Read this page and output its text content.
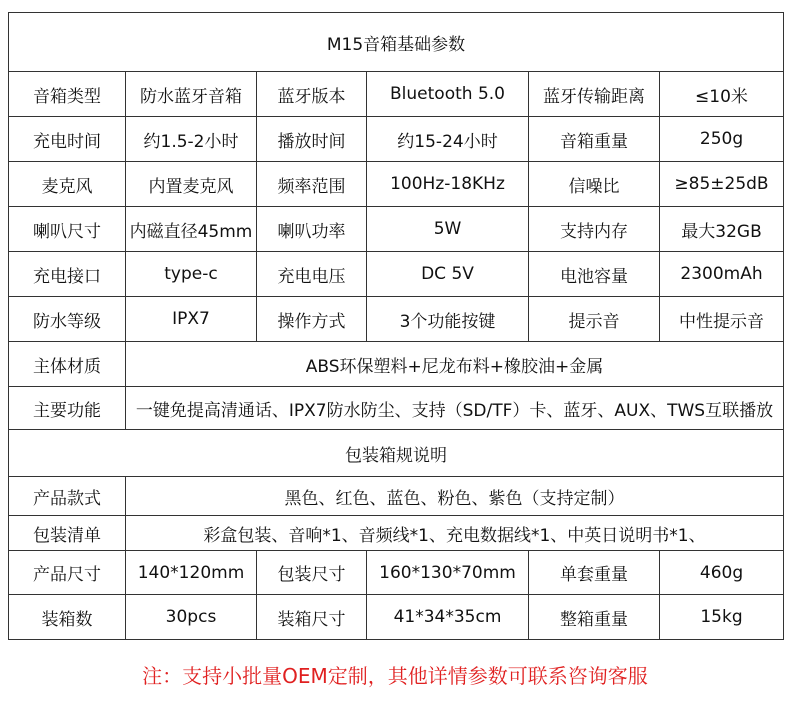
M15音箱基础参数					
音箱类型	防水蓝牙音箱	蓝牙版本	Bluetooth 5.0	蓝牙传输距离	≤10米
充电时间	约1.5-2小时	播放时间	约15-24小时	音箱重量	250g
麦克风	内置麦克风	频率范围	100Hz-18KHz	信噪比	≥85±25dB
喇叭尺寸	内磁直径45mm	喇叭功率	5W	支持内存	最大32GB
充电接口	type-c	充电电压	DC 5V	电池容量	2300mAh
防水等级	IPX7	操作方式	3个功能按键	提示音	中性提示音
主体材质	ABS环保塑料+尼龙布料+橡胶油+金属				
主要功能	一键免提高清通话、IPX7防水防尘、支持（SD/TF）卡、蓝牙、AUX、TWS互联播放				
包装箱规说明					
产品款式	黑色、红色、蓝色、粉色、紫色（支持定制）				
包装清单	彩盒包装、音响*1、音频线*1、充电数据线*1、中英日说明书*1、				
产品尺寸	140*120mm	包装尺寸	160*130*70mm	单套重量	460g
装箱数	30pcs	装箱尺寸	41*34*35cm	整箱重量	15kg
注：支持小批量OEM定制，其他详情参数可联系咨询客服
